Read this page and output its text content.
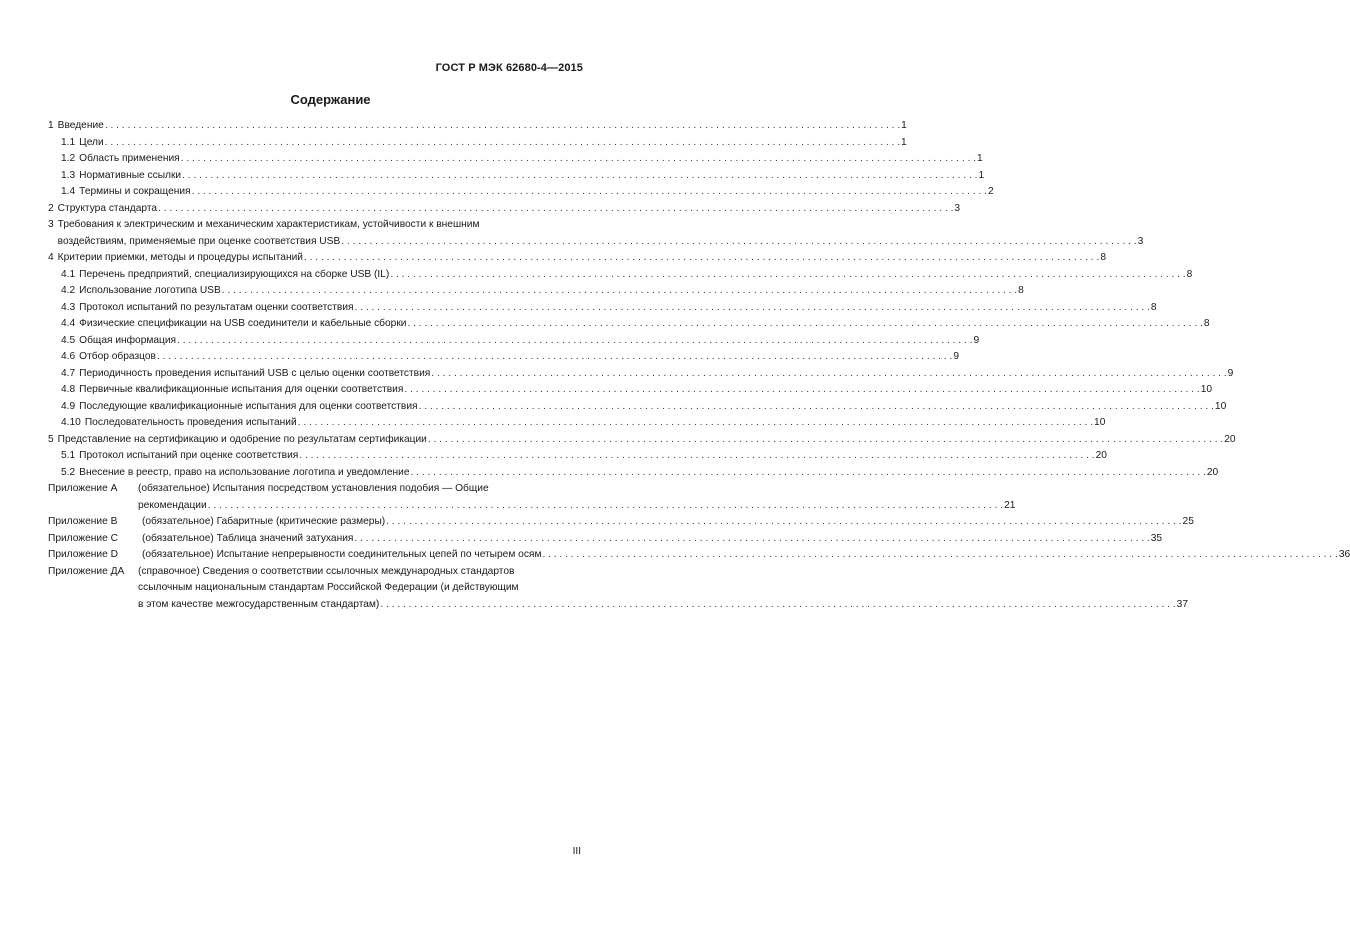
ГОСТ Р МЭК 62680-4—2015
Содержание
1 Введение . . .	1
1.1 Цели . . .	1
1.2 Область применения . . .	1
1.3 Нормативные ссылки . . .	1
1.4 Термины и сокращения . . .	2
2 Структура стандарта . . .	3
3 Требования к электрическим и механическим характеристикам, устойчивости к внешним
воздействиям, применяемые при оценке соответствия USB . . .	3
4 Критерии приемки, методы и процедуры испытаний . . .	8
4.1 Перечень предприятий, специализирующихся на сборке USB (IL) . . .	8
4.2 Использование логотипа USB . . .	8
4.3 Протокол испытаний по результатам оценки соответствия . . .	8
4.4 Физические спецификации на USB соединители и кабельные сборки . . .	8
4.5 Общая информация . . .	9
4.6 Отбор образцов . . .	9
4.7 Периодичность проведения испытаний USB с целью оценки соответствия . . .	9
4.8 Первичные квалификационные испытания для оценки соответствия . . .	10
4.9 Последующие квалификационные испытания для оценки соответствия . . .	10
4.10 Последовательность проведения испытаний . . .	10
5 Представление на сертификацию и одобрение по результатам сертификации . . .	20
5.1 Протокол испытаний при оценке соответствия . . .	20
5.2 Внесение в реестр, право на использование логотипа и уведомление . . .	20
Приложение А	(обязательное) Испытания посредством установления подобия — Общие
рекомендации . . .	21
Приложение В	(обязательное) Габаритные (критические размеры) . . .	25
Приложение С	(обязательное) Таблица значений затухания . . .	35
Приложение D	(обязательное) Испытание непрерывности соединительных цепей по четырем осям . . .	36
Приложение ДА	(справочное) Сведения о соответствии ссылочных международных стандартов
ссылочным национальным стандартам Российской Федерации (и действующим
в этом качестве межгосударственным стандартам) . . .	37
III
